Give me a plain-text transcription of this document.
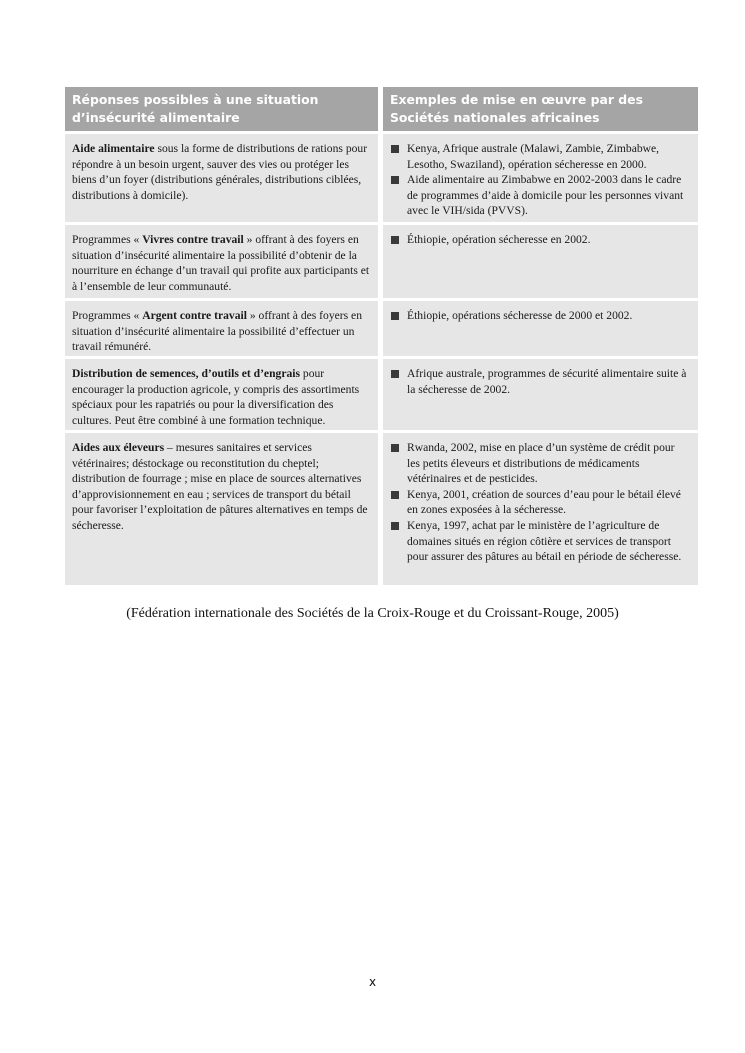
Réponses possibles à une situation d’insécurité alimentaire
Exemples de mise en œuvre par des Sociétés nationales africaines
Aide alimentaire sous la forme de distributions de rations pour répondre à un besoin urgent, sauver des vies ou protéger les biens d’un foyer (distributions générales, distributions ciblées, distributions à domicile).
Kenya, Afrique australe (Malawi, Zambie, Zimbabwe, Lesotho, Swaziland), opération sécheresse en 2000.
Aide alimentaire au Zimbabwe en 2002-2003 dans le cadre de programmes d’aide à domicile pour les personnes vivant avec le VIH/sida (PVVS).
Programmes « Vivres contre travail » offrant à des foyers en situation d’insécurité alimentaire la possibilité d’obtenir de la nourriture en échange d’un travail qui profite aux participants et à l’ensemble de leur communauté.
Éthiopie, opération sécheresse en 2002.
Programmes « Argent contre travail » offrant à des foyers en situation d’insécurité alimentaire la possibilité d’effectuer un travail rémunéré.
Éthiopie, opérations sécheresse de 2000 et 2002.
Distribution de semences, d’outils et d’engrais pour encourager la production agricole, y compris des assortiments spéciaux pour les rapatriés ou pour la diversification des cultures. Peut être combiné à une formation technique.
Afrique australe, programmes de sécurité alimentaire suite à la sécheresse de 2002.
Aides aux éleveurs – mesures sanitaires et services vétérinaires; déstockage ou reconstitution du cheptel; distribution de fourrage ; mise en place de sources alternatives d’approvisionnement en eau ; services de transport du bétail pour favoriser l’exploitation de pâtures alternatives en temps de sécheresse.
Rwanda, 2002, mise en place d’un système de crédit pour les petits éleveurs et distributions de médicaments vétérinaires et de pesticides.
Kenya, 2001, création de sources d’eau pour le bétail élevé en zones exposées à la sécheresse.
Kenya, 1997, achat par le ministère de l’agriculture de domaines situés en région côtière et services de transport pour assurer des pâtures au bétail en période de sécheresse.
(Fédération internationale des Sociétés de la Croix-Rouge et du Croissant-Rouge, 2005)
x
